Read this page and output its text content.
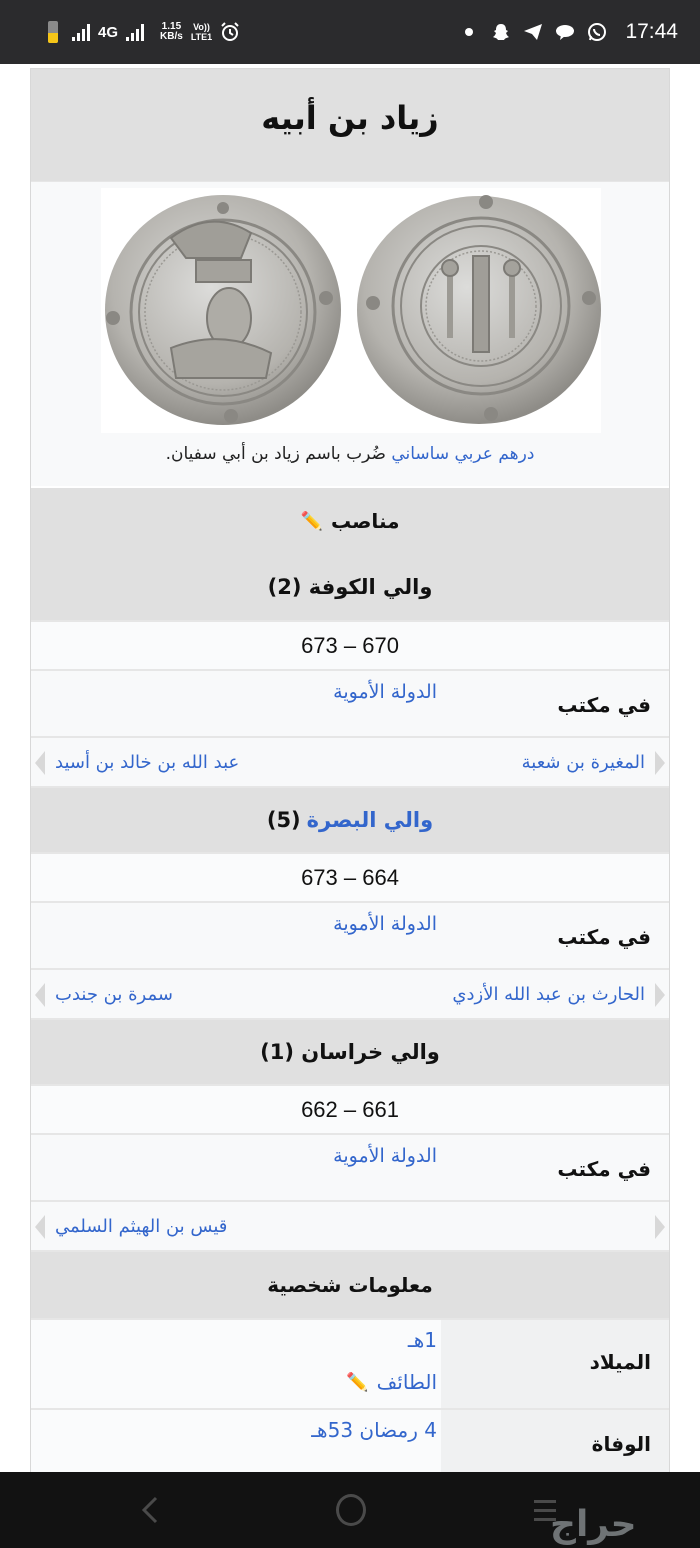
4G	1.15
KB/s
Vo))
LTE1	17:44
زياد بن أبيه
درهم عربي ساساني ضُرب باسم زياد بن أبي سفيان.
مناصب
✏️
والي الكوفة (2)
673 – 670
في مكتب
الدولة الأموية
المغيرة بن شعبة
عبد الله بن خالد بن أسيد
والي البصرة
(5)
673 – 664
في مكتب
الدولة الأموية
الحارث بن عبد الله الأزدي
سمرة بن جندب
والي خراسان (1)
662 – 661
في مكتب
الدولة الأموية
قيس بن الهيثم السلمي
معلومات شخصية
1هـ
الطائف
✏️
الميلاد
4 رمضان 53هـ
الوفاة
حراج
